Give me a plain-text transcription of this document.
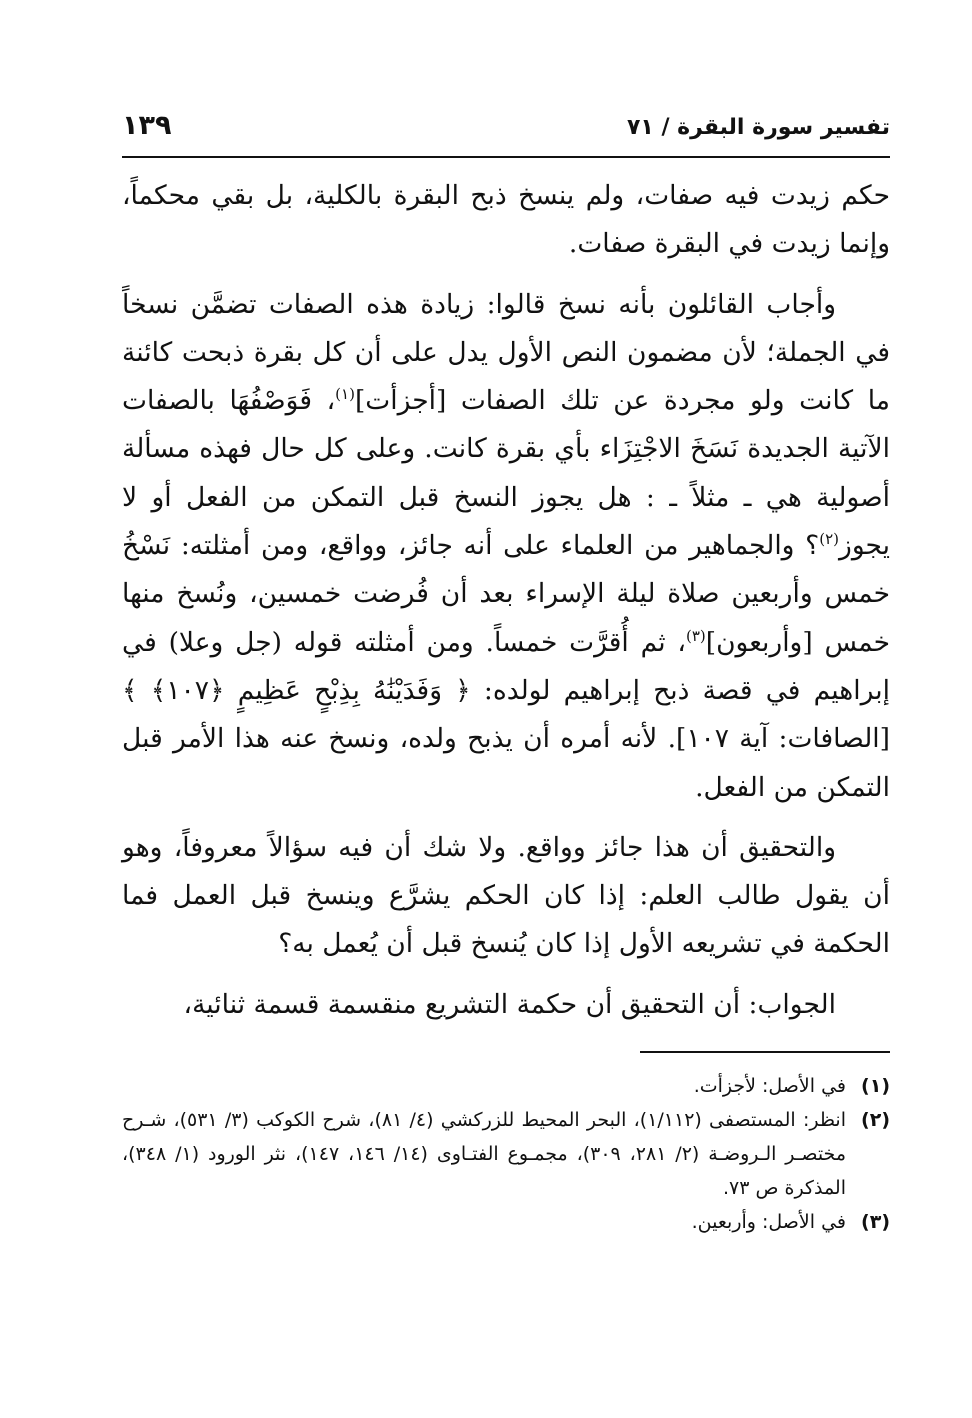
تفسير سورة البقرة / ٧١
١٣٩

حكم زيدت فيه صفات، ولم ينسخ ذبح البقرة بالكلية، بل بقي محكماً، وإنما زيدت في البقرة صفات.

وأجاب القائلون بأنه نسخ قالوا: زيادة هذه الصفات تضمَّن نسخاً في الجملة؛ لأن مضمون النص الأول يدل على أن كل بقرة ذبحت كائنة ما كانت ولو مجردة عن تلك الصفات [أجزأت]$^{(١)}$، فَوَصْفُهَا بالصفات الآتية الجديدة نَسَخَ الاجْتِزَاء بأي بقرة كانت. وعلى كل حال فهذه مسألة أصولية هي ـ مثلاً ـ : هل يجوز النسخ قبل التمكن من الفعل أو لا يجوز$^{(٢)}$؟ والجماهير من العلماء على أنه جائز، وواقع، ومن أمثلته: نَسْخُ خمس وأربعين صلاة ليلة الإسراء بعد أن فُرضت خمسين، ونُسخ منها خمس [وأربعون]$^{(٣)}$، ثم أُقرَّت خمساً. ومن أمثلته قوله (جل وعلا) في إبراهيم في قصة ذبح إبراهيم لولده: ﴿ وَفَدَيْنَٰهُ بِذِبْحٍ عَظِيمٍ ﴿١٠٧﴾ ﴾ [الصافات: آية ١٠٧]. لأنه أمره أن يذبح ولده، ونسخ عنه هذا الأمر قبل التمكن من الفعل.

والتحقيق أن هذا جائز وواقع. ولا شك أن فيه سؤالاً معروفاً، وهو أن يقول طالب العلم: إذا كان الحكم يشرَّع وينسخ قبل العمل فما الحكمة في تشريعه الأول إذا كان يُنسخ قبل أن يُعمل به؟

الجواب: أن التحقيق أن حكمة التشريع منقسمة قسمة ثنائية،

(١)
في الأصل: لأجزأت.
(٢)
انظر: المستصفى (١/١١٢)، البحر المحيط للزركشي (٤/ ٨١)، شرح الكوكب (٣/ ٥٣١)، شـرح مختصـر الـروضـة (٢/ ٢٨١، ٣٠٩)، مجمـوع الفتـاوى (١٤/ ١٤٦، ١٤٧)، نثر الورود (١/ ٣٤٨)، المذكرة ص ٧٣.
(٣)
في الأصل: وأربعين.
